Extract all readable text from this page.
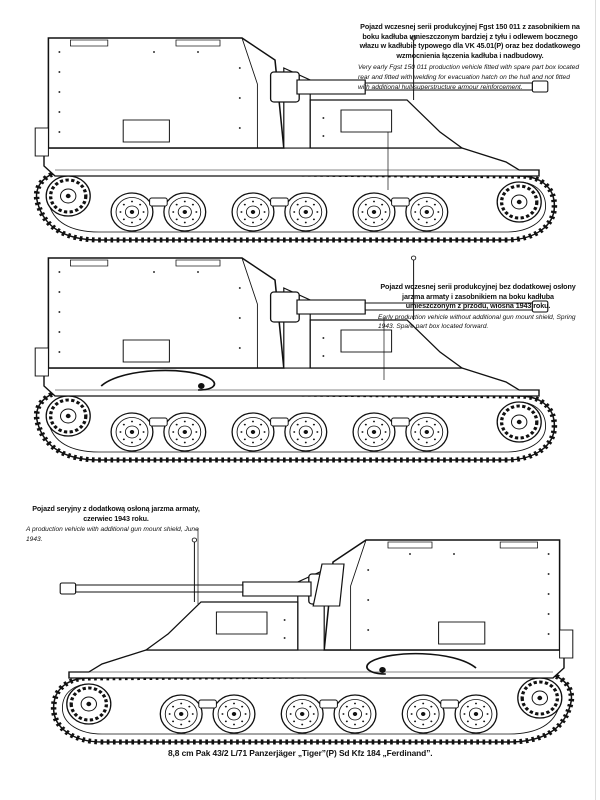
Pojazd wczesnej serii produkcyjnej Fgst 150 011 z zasobnikiem na boku kadłuba umieszczonym bardziej z tyłu i odlewem bocznego włazu w kadłubie typowego dla VK 45.01(P) oraz bez dodatkowego wzmocnienia łączenia kadłuba i nadbudowy.
Very early Fgst 150 011 production vehicle fitted with spare part box located rear and fitted with welding for evacuation hatch on the hull and not fitted with additional hull/superstructure armour reinforcement.
Pojazd wczesnej serii produkcyjnej bez dodatkowej osłony jarzma armaty i zasobnikiem na boku kadłuba umieszczonym z przodu, wiosna 1943 roku.
Early production vehicle without additional gun mount shield, Spring 1943. Spare part box located forward.
Pojazd seryjny z dodatkową osłoną jarzma armaty, czerwiec 1943 roku.
A production vehicle with additional gun mount shield, June 1943.
8,8 cm Pak 43/2 L/71 Panzerjäger „Tiger”(P) Sd Kfz 184 „Ferdinand”.
